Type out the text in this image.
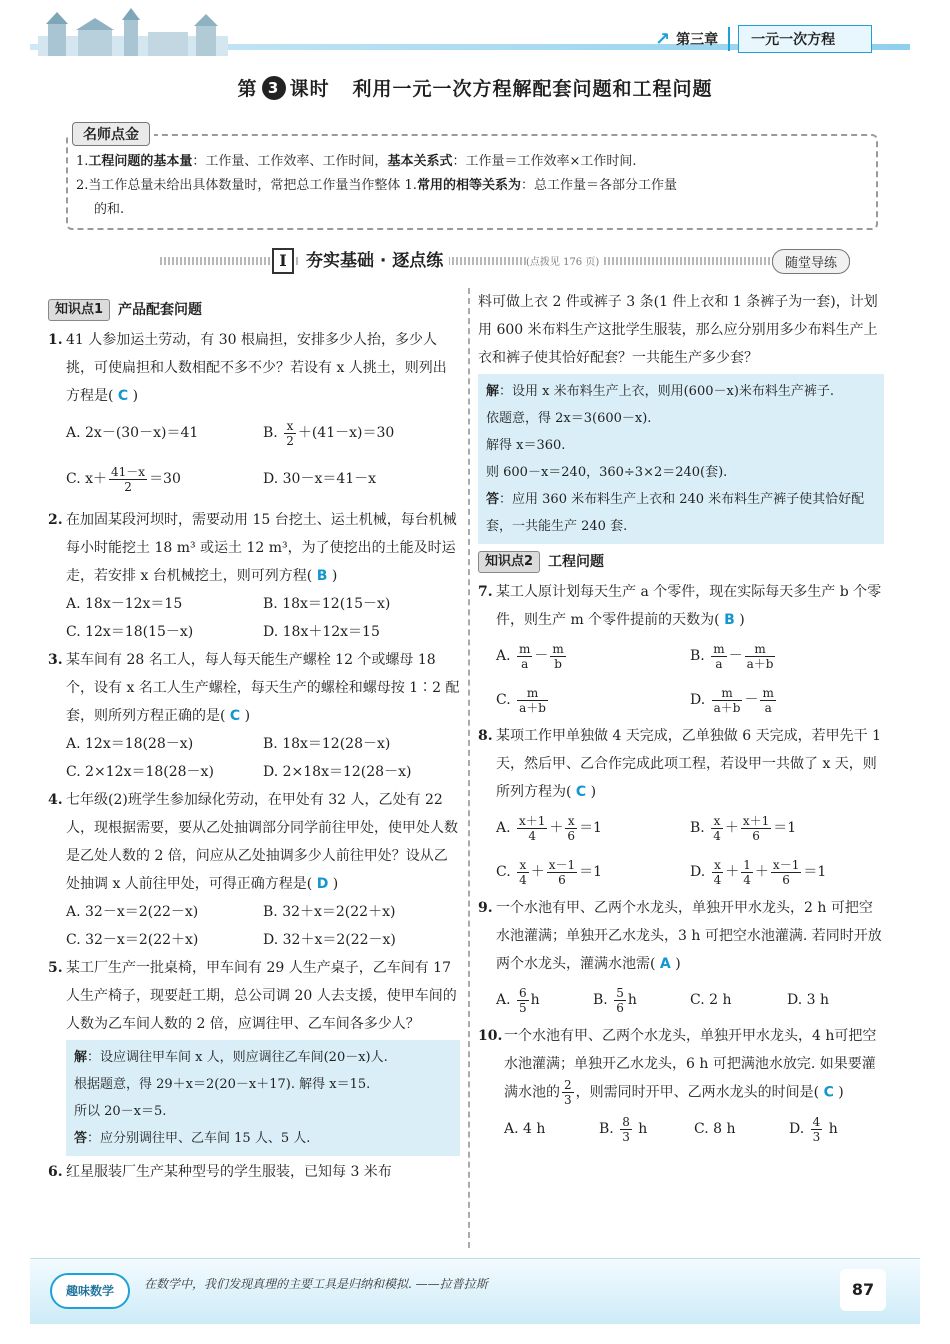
↗ 第三章	一元一次方程
第 3 课时 利用一元一次方程解配套问题和工程问题
名师点金
1.工程问题的基本量：工作量、工作效率、工作时间，基本关系式：工作量＝工作效率×工作时间.
2.当工作总量未给出具体数量时，常把总工作量当作整体 1.常用的相等关系为：总工作量＝各部分工作量
的和.
I	夯实基础 · 逐点练	(点拨见 176 页)	随堂导练
知识点1	产品配套问题
1. 41 人参加运土劳动，有 30 根扁担，安排多少人抬，多少人挑，可使扁担和人数相配不多不少？若设有 x 人挑土，则列出方程是( C )
A. 2x－(30－x)＝41	B. $\frac{x}{2} +(41-x)=30$
C. $x+ \frac{41-x}{2} =30$	D. 30－x＝41－x
2. 在加固某段河坝时，需要动用 15 台挖土、运土机械，每台机械每小时能挖土 18 m³ 或运土 12 m³，为了使挖出的土能及时运走，若安排 x 台机械挖土，则可列方程( B )
A. 18x－12x＝15	B. 18x＝12(15－x)
C. 12x＝18(15－x)	D. 18x＋12x＝15
3. 某车间有 28 名工人，每人每天能生产螺栓 12 个或螺母 18 个，设有 x 名工人生产螺栓，每天生产的螺栓和螺母按 1∶2 配套，则所列方程正确的是( C )
A. 12x＝18(28－x)	B. 18x＝12(28－x)
C. 2×12x＝18(28－x)	D. 2×18x＝12(28－x)
4. 七年级(2)班学生参加绿化劳动，在甲处有 32 人，乙处有 22 人，现根据需要，要从乙处抽调部分同学前往甲处，使甲处人数是乙处人数的 2 倍，问应从乙处抽调多少人前往甲处？设从乙处抽调 x 人前往甲处，可得正确方程是( D )
A. 32－x＝2(22－x)	B. 32＋x＝2(22＋x)
C. 32－x＝2(22＋x)	D. 32＋x＝2(22－x)
5. 某工厂生产一批桌椅，甲车间有 29 人生产桌子，乙车间有 17 人生产椅子，现要赶工期，总公司调 20 人去支援，使甲车间的人数为乙车间人数的 2 倍，应调往甲、乙车间各多少人？
解：设应调往甲车间 x 人，则应调往乙车间(20－x)人.
根据题意，得 29＋x＝2(20－x＋17). 解得 x＝15.
所以 20－x＝5.
答：应分别调往甲、乙车间 15 人、5 人.
6. 红星服装厂生产某种型号的学生服装，已知每 3 米布
料可做上衣 2 件或裤子 3 条(1 件上衣和 1 条裤子为一套)，计划用 600 米布料生产这批学生服装，那么应分别用多少布料生产上衣和裤子使其恰好配套？一共能生产多少套？
解：设用 x 米布料生产上衣，则用(600－x)米布料生产裤子.
依题意，得 2x＝3(600－x).
解得 x＝360.
则 600－x＝240，360÷3×2＝240(套).
答：应用 360 米布料生产上衣和 240 米布料生产裤子使其恰好配套，一共能生产 240 套.
知识点2	工程问题
7. 某工人原计划每天生产 a 个零件，现在实际每天多生产 b 个零件，则生产 m 个零件提前的天数为( B )
A. $\frac{m}{a} - \frac{m}{b}$	B. $\frac{m}{a} - \frac{m}{a+b}$
C. $\frac{m}{a+b}$	D. $\frac{m}{a+b} - \frac{m}{a}$
8. 某项工作甲单独做 4 天完成，乙单独做 6 天完成，若甲先干 1 天，然后甲、乙合作完成此项工程，若设甲一共做了 x 天，则所列方程为( C )
A. $\frac{x+1}{4} + \frac{x}{6} =1$	B. $\frac{x}{4} + \frac{x+1}{6} =1$
C. $\frac{x}{4} + \frac{x-1}{6} =1$	D. $\frac{x}{4} + \frac{1}{4} + \frac{x-1}{6} =1$
9. 一个水池有甲、乙两个水龙头，单独开甲水龙头，2 h 可把空水池灌满；单独开乙水龙头，3 h 可把空水池灌满. 若同时开放两个水龙头，灌满水池需( A )
A. $\frac{6}{5}$ h	B. $\frac{5}{6}$ h	C. 2 h	D. 3 h
10. 一个水池有甲、乙两个水龙头，单独开甲水龙头，4 h可把空水池灌满；单独开乙水龙头，6 h 可把满池水放完. 如果要灌满水池的 $\frac{2}{3}$ ，则需同时开甲、乙两水龙头的时间是( C )
A. 4 h	B. $\frac{8}{3}$ h	C. 8 h	D. $\frac{4}{3}$ h
趣味数学	在数学中，我们发现真理的主要工具是归纳和模拟. ——拉普拉斯	87
